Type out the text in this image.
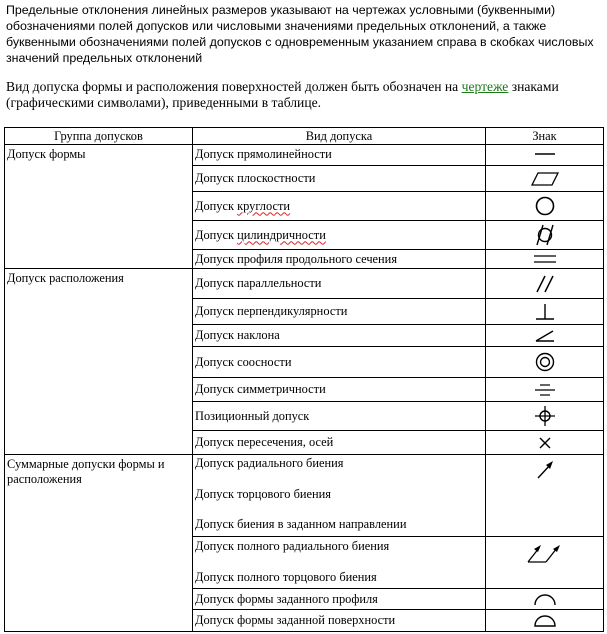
Предельные отклонения линейных размеров указывают на чертежах условными (буквенными) обозначениями полей допусков или числовыми значениями предельных отклонений, а также буквенными обозначениями полей допусков с одновременным указанием справа в скобках числовых значений предельных отклонений

Вид допуска формы и расположения поверхностей должен быть обозначен на чертеже знаками (графическими символами), приведенными в таблице.
Группа допусков	Вид допуска	Знак
Допуск формы	Допуск прямолинейности	

	Допуск плоскостности	

	Допуск круглости	

	Допуск цилиндричности	

	Допуск профиля продольного сечения	

Допуск расположения	Допуск параллельности	

	Допуск перпендикулярности	

	Допуск наклона	

	Допуск соосности	

	Допуск симметричности	

	Позиционный допуск	

	Допуск пересечения, осей	

Суммарные допуски формы и расположения	Допуск радиального биения
Допуск торцового биения
Допуск биения в заданном направлении

	Допуск полного радиального биения
Допуск полного торцового биения

	Допуск формы заданного профиля	

	Допуск формы заданной поверхности	
